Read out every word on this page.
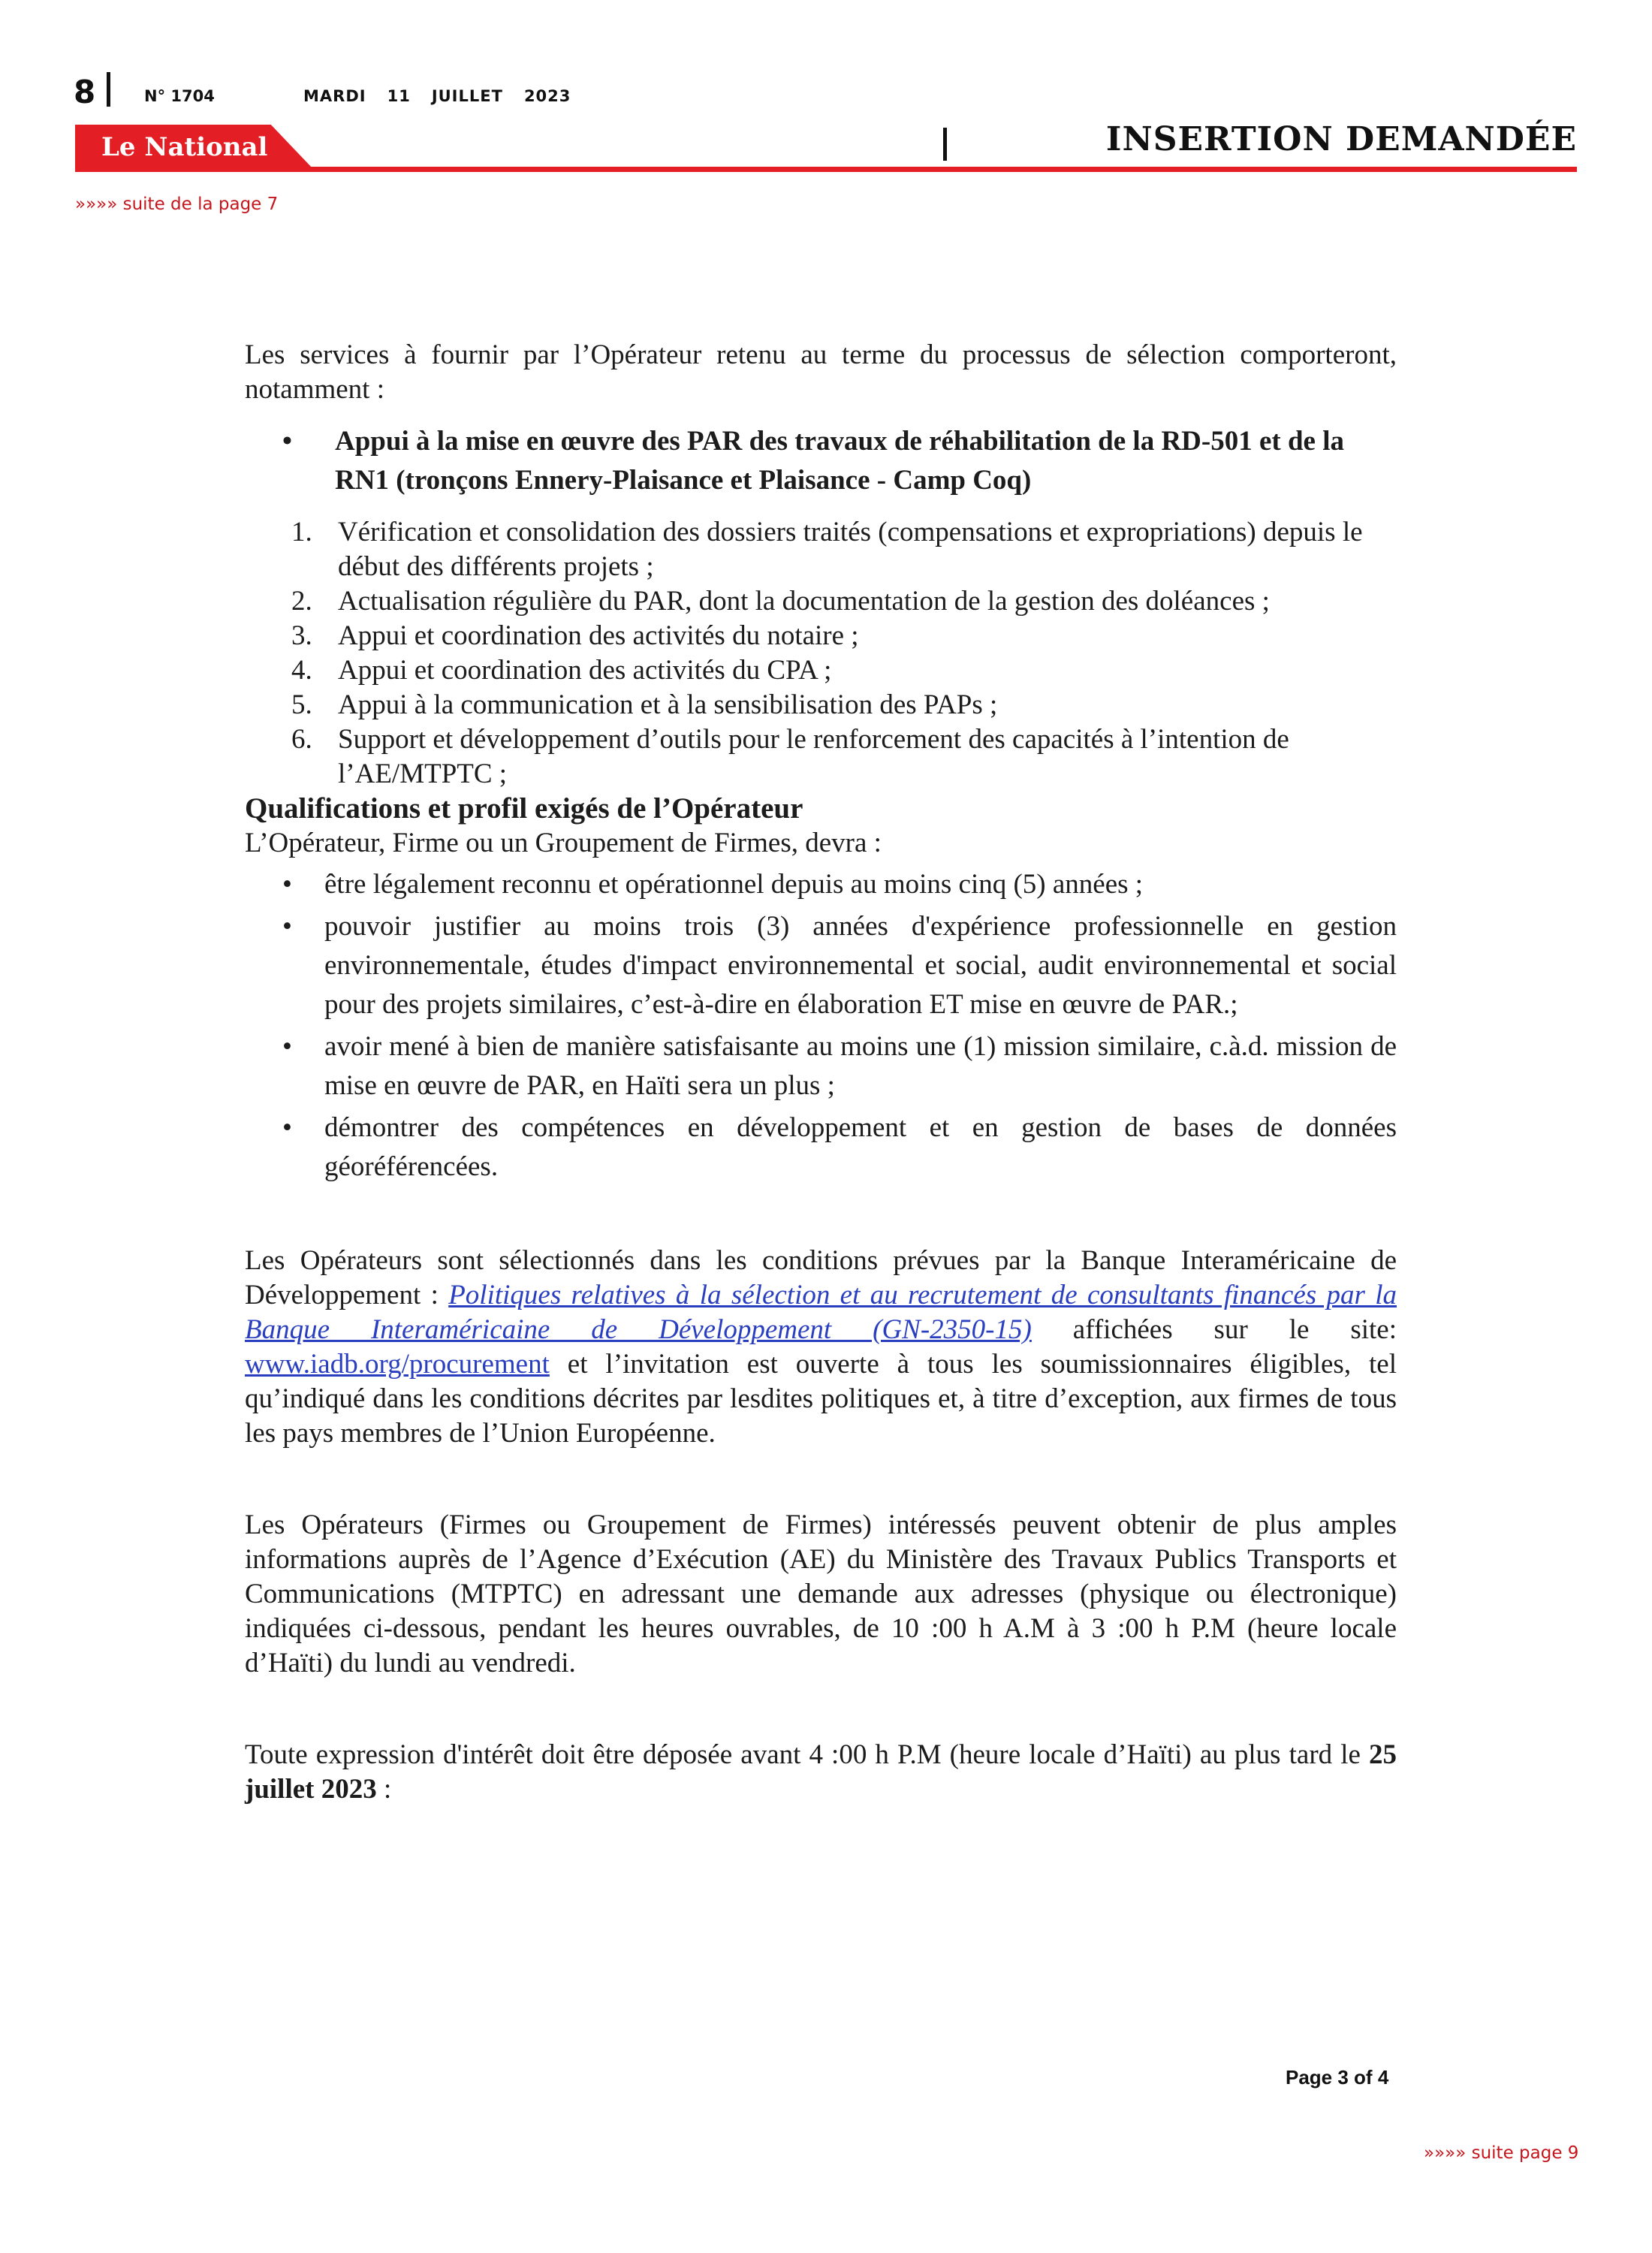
8	N° 1704	MARDI 11 JUILLET 2023
Le National	INSERTION DEMANDÉE
»»»» suite de la page 7

Les services à fournir par l’Opérateur retenu au terme du processus de sélection comporteront, notamment :

• Appui à la mise en œuvre des PAR des travaux de réhabilitation de la RD-501 et de la RN1 (tronçons Ennery-Plaisance et Plaisance - Camp Coq)
1. Vérification et consolidation des dossiers traités (compensations et expropriations) depuis le début des différents projets ;
2. Actualisation régulière du PAR, dont la documentation de la gestion des doléances ;
3. Appui et coordination des activités du notaire ;
4. Appui et coordination des activités du CPA ;
5. Appui à la communication et à la sensibilisation des PAPs ;
6. Support et développement d’outils pour le renforcement des capacités à l’intention de l’AE/MTPTC ;

Qualifications et profil exigés de l’Opérateur

L’Opérateur, Firme ou un Groupement de Firmes, devra :

• être légalement reconnu et opérationnel depuis au moins cinq (5) années ;
• pouvoir justifier au moins trois (3) années d'expérience professionnelle en gestion environnementale, études d'impact environnemental et social, audit environnemental et social pour des projets similaires, c’est-à-dire en élaboration ET mise en œuvre de PAR.;
• avoir mené à bien de manière satisfaisante au moins une (1) mission similaire, c.à.d. mission de mise en œuvre de PAR, en Haïti sera un plus ;
• démontrer des compétences en développement et en gestion de bases de données géoréférencées.

Les Opérateurs sont sélectionnés dans les conditions prévues par la Banque Interaméricaine de Développement : Politiques relatives à la sélection et au recrutement de consultants financés par la Banque Interaméricaine de Développement (GN-2350-15) affichées sur le site: www.iadb.org/procurement et l’invitation est ouverte à tous les soumissionnaires éligibles, tel qu’indiqué dans les conditions décrites par lesdites politiques et, à titre d’exception, aux firmes de tous les pays membres de l’Union Européenne.

Les Opérateurs (Firmes ou Groupement de Firmes) intéressés peuvent obtenir de plus amples informations auprès de l’Agence d’Exécution (AE) du Ministère des Travaux Publics Transports et Communications (MTPTC) en adressant une demande aux adresses (physique ou électronique) indiquées ci-dessous, pendant les heures ouvrables, de 10 :00 h A.M à 3 :00 h P.M (heure locale d’Haïti) du lundi au vendredi.

Toute expression d'intérêt doit être déposée avant 4 :00 h P.M (heure locale d’Haïti) au plus tard le 25 juillet 2023 :

Page 3 of 4
»»»» suite page 9
